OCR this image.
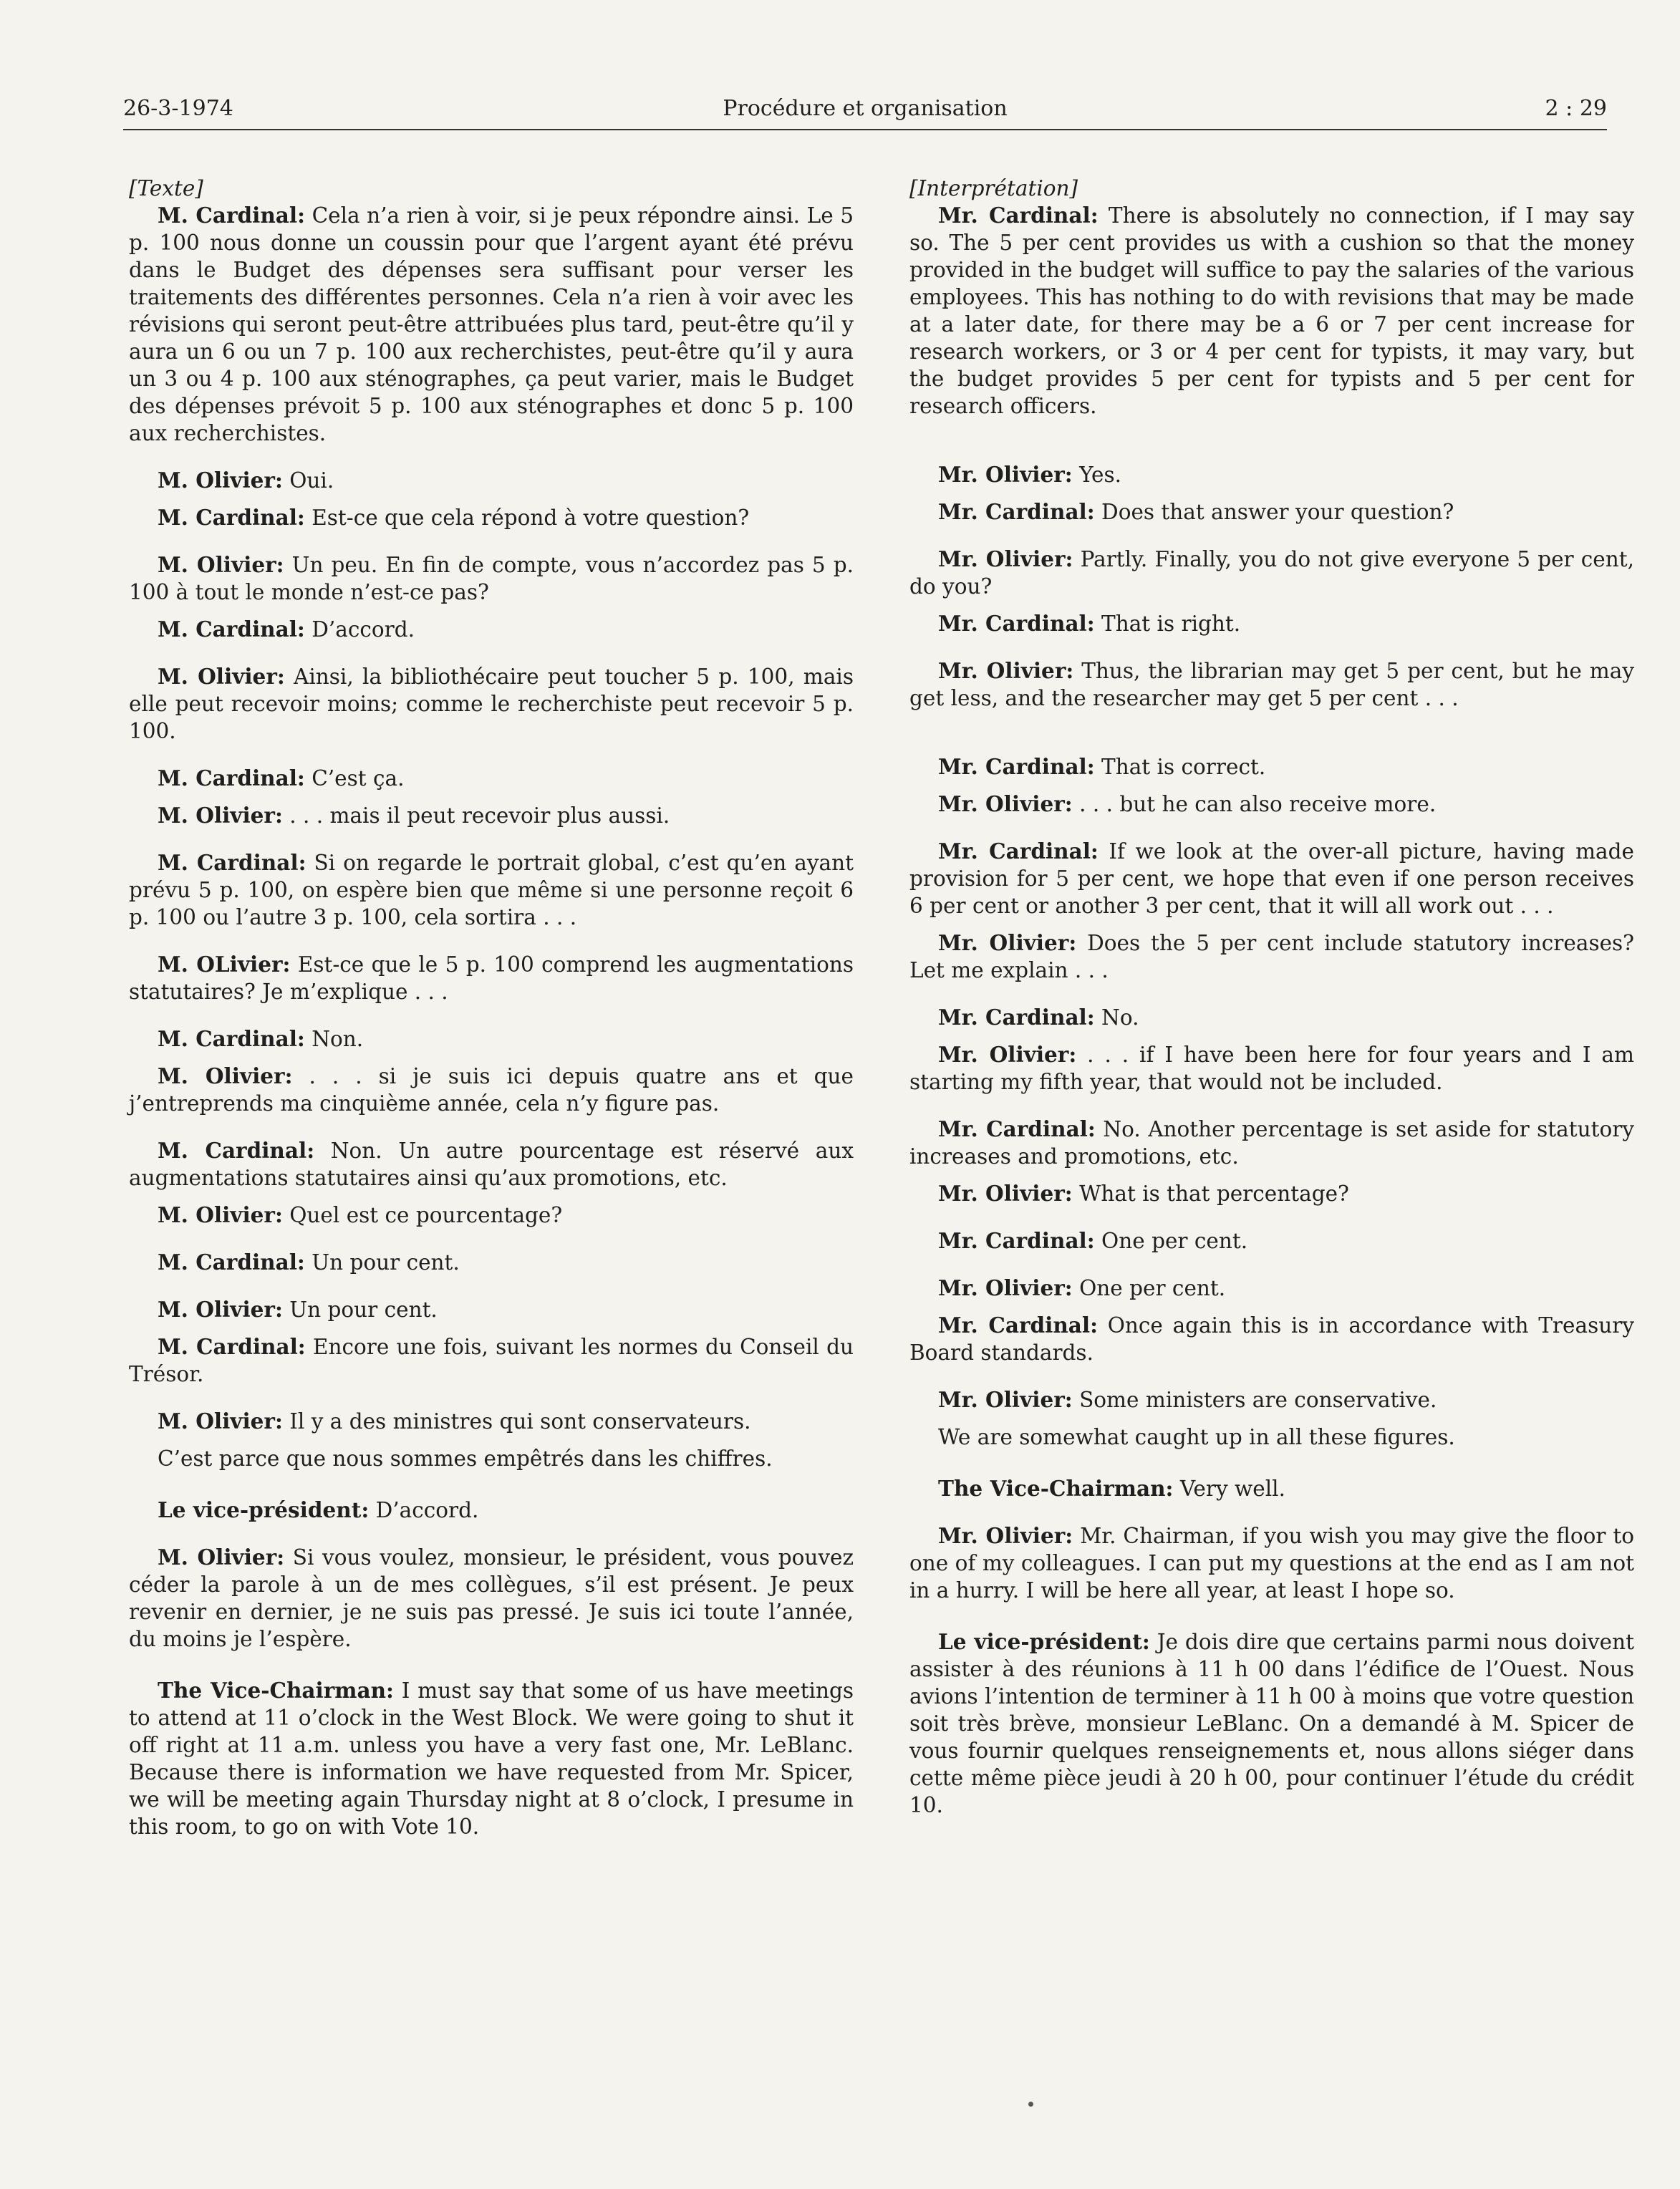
26-3-1974	Procédure et organisation	2 : 29

[Texte]

M. Cardinal: Cela n’a rien à voir, si je peux répondre ainsi. Le 5 p. 100 nous donne un coussin pour que l’argent ayant été prévu dans le Budget des dépenses sera suffisant pour verser les traitements des différentes personnes. Cela n’a rien à voir avec les révisions qui seront peut-être attribuées plus tard, peut-être qu’il y aura un 6 ou un 7 p. 100 aux recherchistes, peut-être qu’il y aura un 3 ou 4 p. 100 aux sténographes, ça peut varier, mais le Budget des dépenses prévoit 5 p. 100 aux sténographes et donc 5 p. 100 aux recherchistes.

M. Olivier: Oui.

M. Cardinal: Est-ce que cela répond à votre question?

M. Olivier: Un peu. En fin de compte, vous n’accordez pas 5 p. 100 à tout le monde n’est-ce pas?

M. Cardinal: D’accord.

M. Olivier: Ainsi, la bibliothécaire peut toucher 5 p. 100, mais elle peut recevoir moins; comme le recherchiste peut recevoir 5 p. 100.

M. Cardinal: C’est ça.

M. Olivier: . . . mais il peut recevoir plus aussi.

M. Cardinal: Si on regarde le portrait global, c’est qu’en ayant prévu 5 p. 100, on espère bien que même si une personne reçoit 6 p. 100 ou l’autre 3 p. 100, cela sortira . . .

M. OLivier: Est-ce que le 5 p. 100 comprend les augmentations statutaires? Je m’explique . . .

M. Cardinal: Non.

M. Olivier: . . . si je suis ici depuis quatre ans et que j’entreprends ma cinquième année, cela n’y figure pas.

M. Cardinal: Non. Un autre pourcentage est réservé aux augmentations statutaires ainsi qu’aux promotions, etc.

M. Olivier: Quel est ce pourcentage?

M. Cardinal: Un pour cent.

M. Olivier: Un pour cent.

M. Cardinal: Encore une fois, suivant les normes du Conseil du Trésor.

M. Olivier: Il y a des ministres qui sont conservateurs.

C’est parce que nous sommes empêtrés dans les chiffres.

Le vice-président: D’accord.

M. Olivier: Si vous voulez, monsieur, le président, vous pouvez céder la parole à un de mes collègues, s’il est présent. Je peux revenir en dernier, je ne suis pas pressé. Je suis ici toute l’année, du moins je l’espère.

The Vice-Chairman: I must say that some of us have meetings to attend at 11 o’clock in the West Block. We were going to shut it off right at 11 a.m. unless you have a very fast one, Mr. LeBlanc. Because there is information we have requested from Mr. Spicer, we will be meeting again Thursday night at 8 o’clock, I presume in this room, to go on with Vote 10.

[Interprétation]

Mr. Cardinal: There is absolutely no connection, if I may say so. The 5 per cent provides us with a cushion so that the money provided in the budget will suffice to pay the salaries of the various employees. This has nothing to do with revisions that may be made at a later date, for there may be a 6 or 7 per cent increase for research workers, or 3 or 4 per cent for typists, it may vary, but the budget provides 5 per cent for typists and 5 per cent for research officers.

Mr. Olivier: Yes.

Mr. Cardinal: Does that answer your question?

Mr. Olivier: Partly. Finally, you do not give everyone 5 per cent, do you?

Mr. Cardinal: That is right.

Mr. Olivier: Thus, the librarian may get 5 per cent, but he may get less, and the researcher may get 5 per cent . . .

Mr. Cardinal: That is correct.

Mr. Olivier: . . . but he can also receive more.

Mr. Cardinal: If we look at the over-all picture, having made provision for 5 per cent, we hope that even if one person receives 6 per cent or another 3 per cent, that it will all work out . . .

Mr. Olivier: Does the 5 per cent include statutory increases? Let me explain . . .

Mr. Cardinal: No.

Mr. Olivier: . . . if I have been here for four years and I am starting my fifth year, that would not be included.

Mr. Cardinal: No. Another percentage is set aside for statutory increases and promotions, etc.

Mr. Olivier: What is that percentage?

Mr. Cardinal: One per cent.

Mr. Olivier: One per cent.

Mr. Cardinal: Once again this is in accordance with Treasury Board standards.

Mr. Olivier: Some ministers are conservative.

We are somewhat caught up in all these figures.

The Vice-Chairman: Very well.

Mr. Olivier: Mr. Chairman, if you wish you may give the floor to one of my colleagues. I can put my questions at the end as I am not in a hurry. I will be here all year, at least I hope so.

Le vice-président: Je dois dire que certains parmi nous doivent assister à des réunions à 11 h 00 dans l’édifice de l’Ouest. Nous avions l’intention de terminer à 11 h 00 à moins que votre question soit très brève, monsieur LeBlanc. On a demandé à M. Spicer de vous fournir quelques renseignements et, nous allons siéger dans cette même pièce jeudi à 20 h 00, pour continuer l’étude du crédit 10.
